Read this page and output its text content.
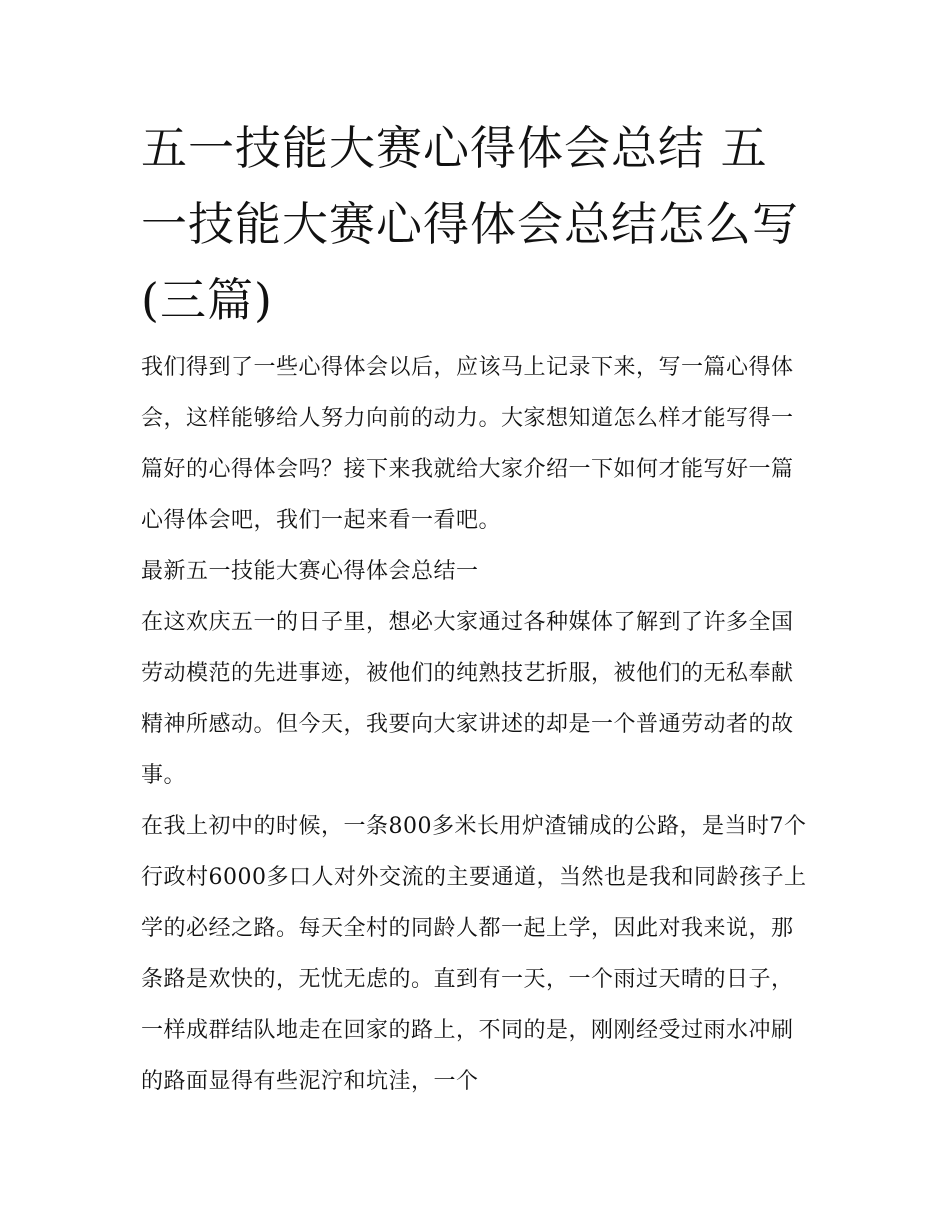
五一技能大赛心得体会总结 五一技能大赛心得体会总结怎么写(三篇)

我们得到了一些心得体会以后，应该马上记录下来，写一篇心得体会，这样能够给人努力向前的动力。大家想知道怎么样才能写得一篇好的心得体会吗？接下来我就给大家介绍一下如何才能写好一篇心得体会吧，我们一起来看一看吧。

最新五一技能大赛心得体会总结一

在这欢庆五一的日子里，想必大家通过各种媒体了解到了许多全国劳动模范的先进事迹，被他们的纯熟技艺折服，被他们的无私奉献精神所感动。但今天，我要向大家讲述的却是一个普通劳动者的故事。

在我上初中的时候，一条800多米长用炉渣铺成的公路，是当时7个行政村6000多口人对外交流的主要通道，当然也是我和同龄孩子上学的必经之路。每天全村的同龄人都一起上学，因此对我来说，那条路是欢快的，无忧无虑的。直到有一天，一个雨过天晴的日子，一样成群结队地走在回家的路上，不同的是，刚刚经受过雨水冲刷的路面显得有些泥泞和坑洼，一个
